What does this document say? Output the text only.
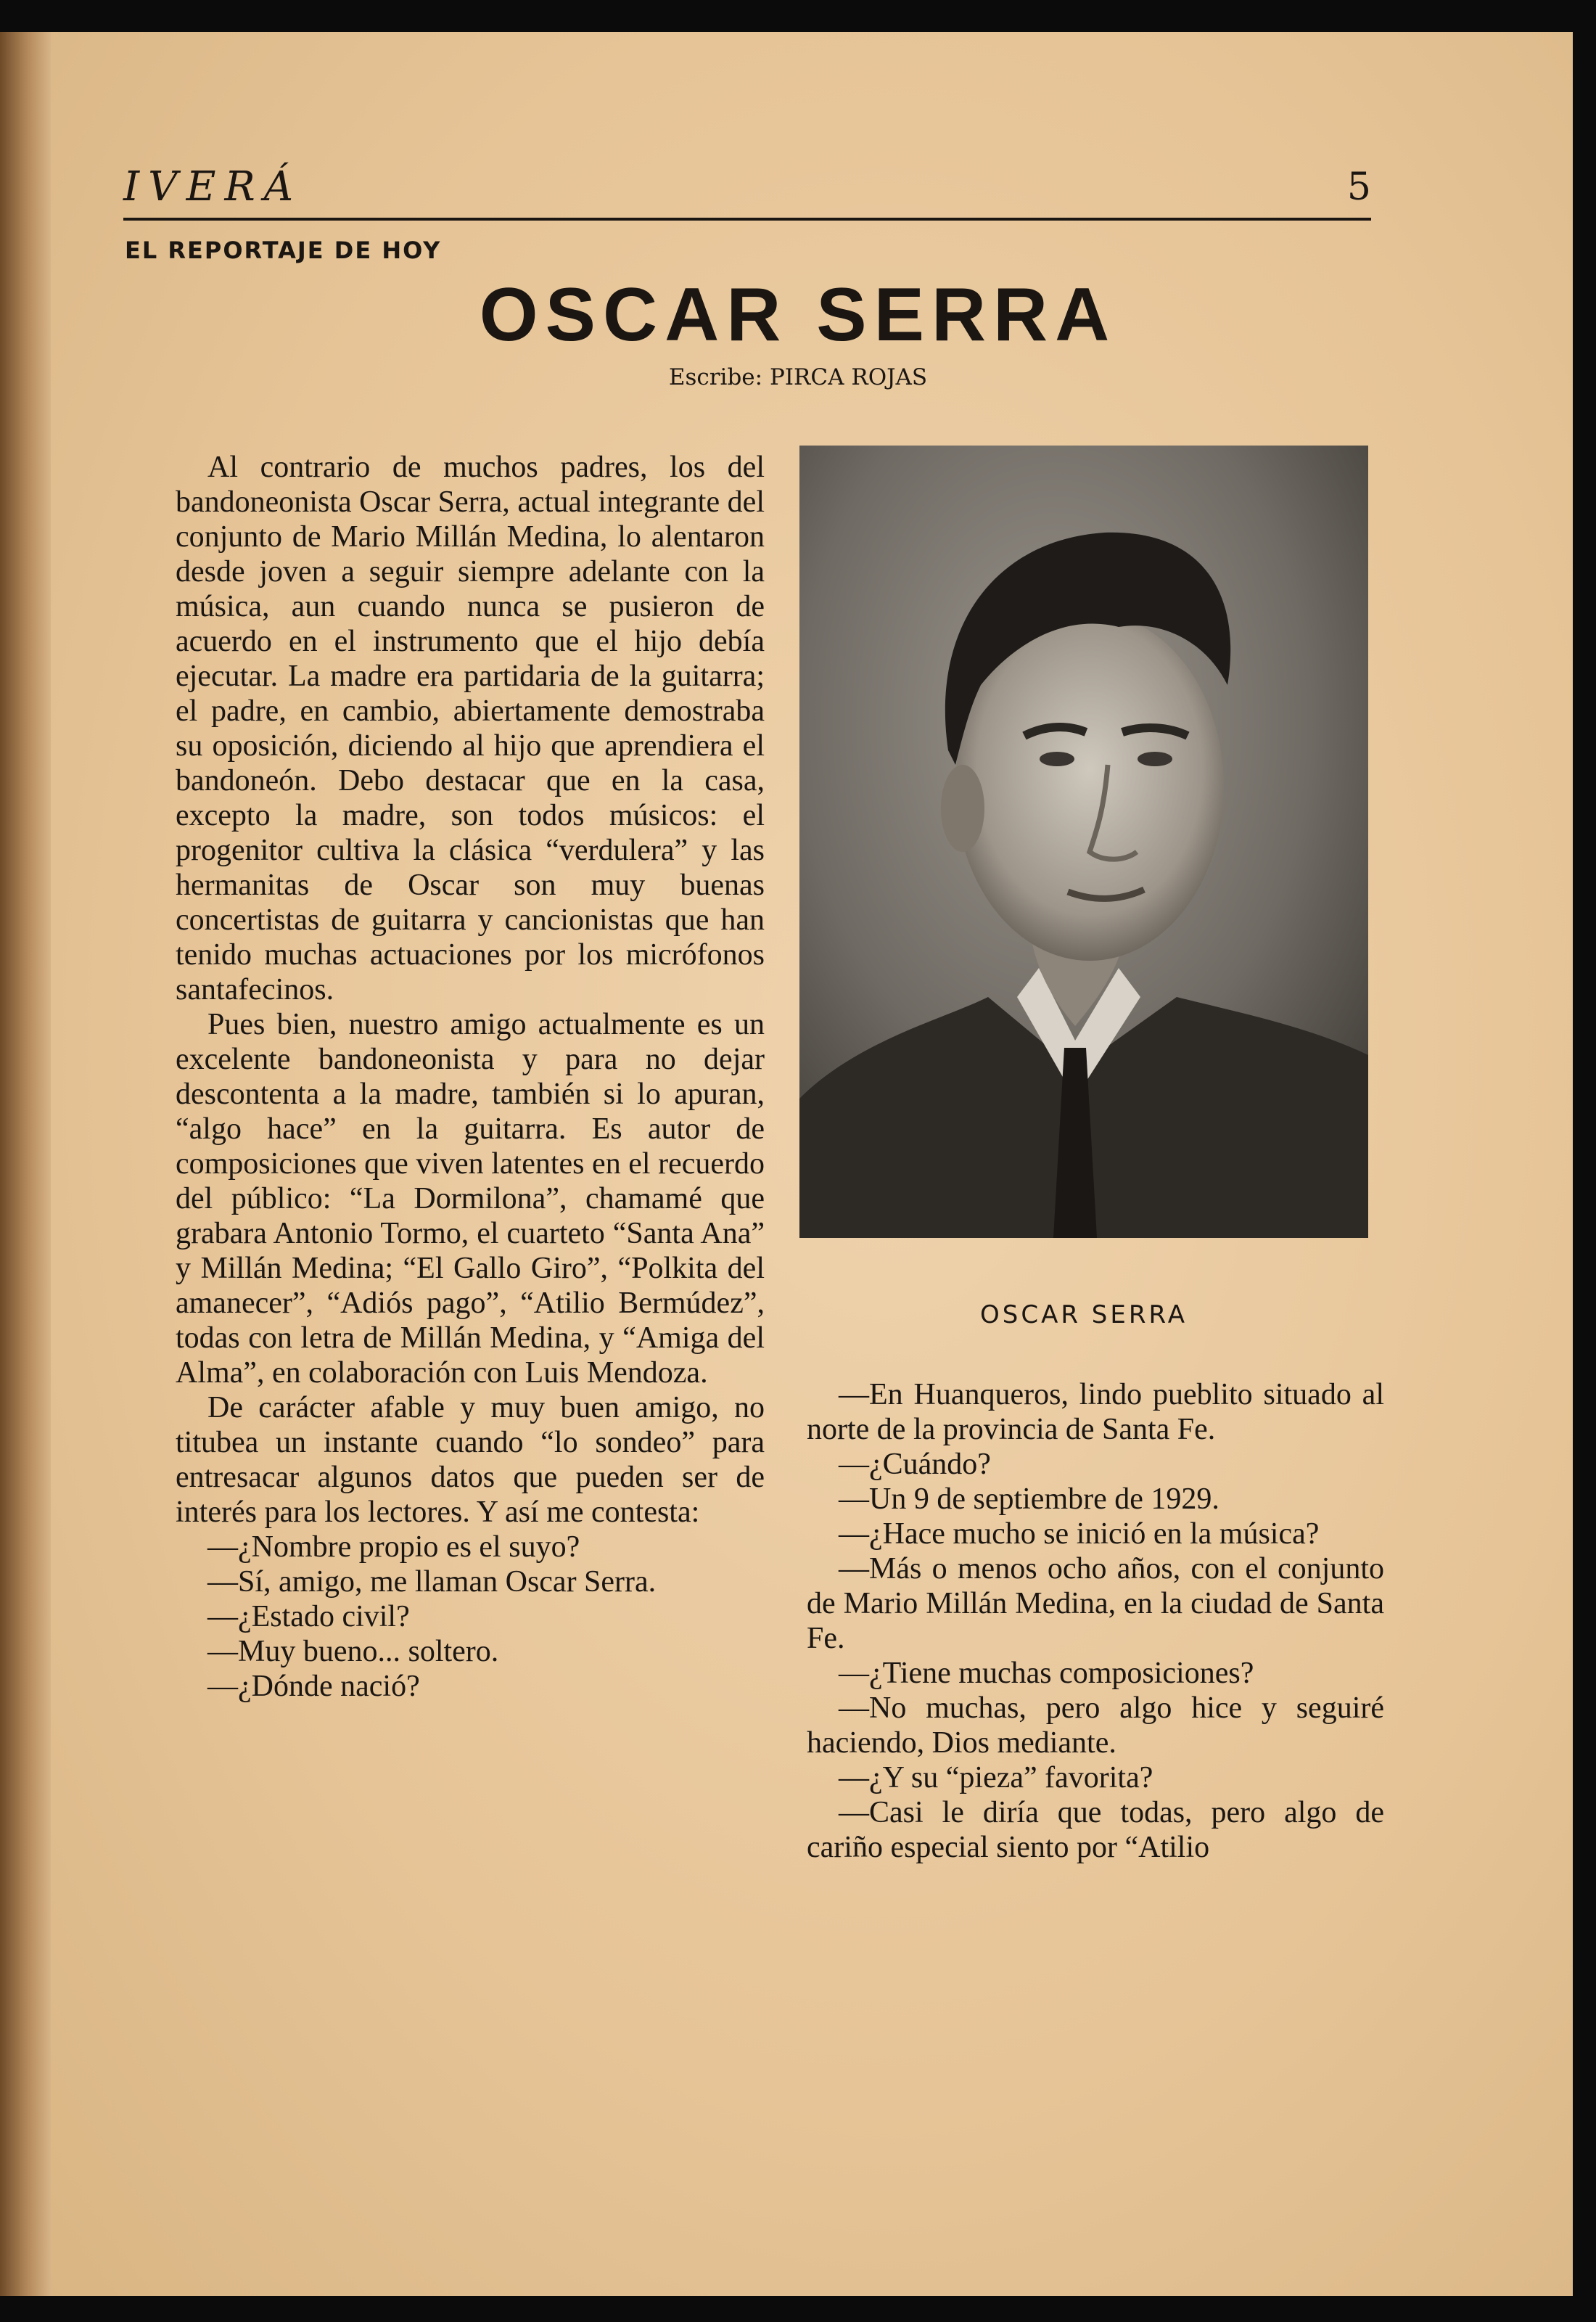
IVERÁ	5
EL REPORTAJE DE HOY
OSCAR SERRA
Escribe: PIRCA ROJAS

Al contrario de muchos padres, los del bandoneonista Oscar Serra, actual integrante del conjunto de Mario Millán Medina, lo alentaron desde joven a seguir siempre adelante con la música, aun cuando nunca se pusieron de acuerdo en el instrumento que el hijo debía ejecutar. La madre era partidaria de la guitarra; el padre, en cambio, abiertamente demostraba su oposición, diciendo al hijo que aprendiera el bandoneón. Debo destacar que en la casa, excepto la madre, son todos músicos: el progenitor cultiva la clásica “verdulera” y las hermanitas de Oscar son muy buenas concertistas de guitarra y cancionistas que han tenido muchas actuaciones por los micrófonos santafecinos.

Pues bien, nuestro amigo actualmente es un excelente bandoneonista y para no dejar descontenta a la madre, también si lo apuran, “algo hace” en la guitarra. Es autor de composiciones que viven latentes en el recuerdo del público: “La Dormilona”, chamamé que grabara Antonio Tormo, el cuarteto “Santa Ana” y Millán Medina; “El Gallo Giro”, “Polkita del amanecer”, “Adiós pago”, “Atilio Bermúdez”, todas con letra de Millán Medina, y “Amiga del Alma”, en colaboración con Luis Mendoza.

De carácter afable y muy buen amigo, no titubea un instante cuando “lo sondeo” para entresacar algunos datos que pueden ser de interés para los lectores. Y así me contesta:

—¿Nombre propio es el suyo?

—Sí, amigo, me llaman Oscar Serra.

—¿Estado civil?

—Muy bueno... soltero.

—¿Dónde nació?

OSCAR SERRA

—En Huanqueros, lindo pueblito situado al norte de la provincia de Santa Fe.

—¿Cuándo?

—Un 9 de septiembre de 1929.

—¿Hace mucho se inició en la música?

—Más o menos ocho años, con el conjunto de Mario Millán Medina, en la ciudad de Santa Fe.

—¿Tiene muchas composiciones?

—No muchas, pero algo hice y seguiré haciendo, Dios mediante.

—¿Y su “pieza” favorita?

—Casi le diría que todas, pero algo de cariño especial siento por “Atilio
